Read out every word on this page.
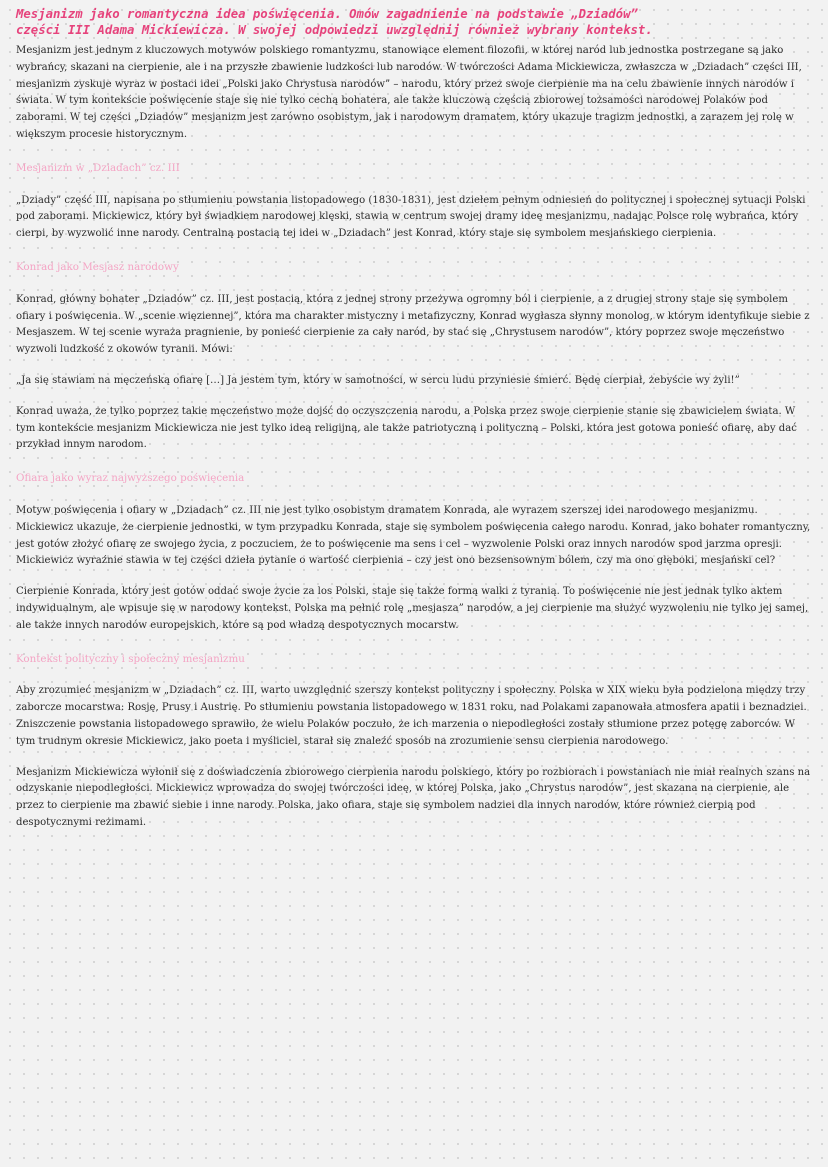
Mesjanizm jako romantyczna idea poświęcenia. Omów zagadnienie na podstawie „Dziadów”
części III Adama Mickiewicza. W swojej odpowiedzi uwzględnij również wybrany kontekst.

Mesjanizm jest jednym z kluczowych motywów polskiego romantyzmu, stanowiące element filozofii, w której naród lub jednostka postrzegane są jako wybrańcy, skazani na cierpienie, ale i na przyszłe zbawienie ludzkości lub narodów. W twórczości Adama Mickiewicza, zwłaszcza w „Dziadach” części III, mesjanizm zyskuje wyraz w postaci idei „Polski jako Chrystusa narodów” – narodu, który przez swoje cierpienie ma na celu zbawienie innych narodów i świata. W tym kontekście poświęcenie staje się nie tylko cechą bohatera, ale także kluczową częścią zbiorowej tożsamości narodowej Polaków pod zaborami. W tej części „Dziadów” mesjanizm jest zarówno osobistym, jak i narodowym dramatem, który ukazuje tragizm jednostki, a zarazem jej rolę w większym procesie historycznym.

Mesjanizm w „Dziadach” cz. III

„Dziady” część III, napisana po stłumieniu powstania listopadowego (1830-1831), jest dziełem pełnym odniesień do politycznej i społecznej sytuacji Polski pod zaborami. Mickiewicz, który był świadkiem narodowej klęski, stawia w centrum swojej dramy ideę mesjanizmu, nadając Polsce rolę wybrańca, który cierpi, by wyzwolić inne narody. Centralną postacią tej idei w „Dziadach” jest Konrad, który staje się symbolem mesjańskiego cierpienia.

Konrad jako Mesjasz narodowy

Konrad, główny bohater „Dziadów” cz. III, jest postacią, która z jednej strony przeżywa ogromny ból i cierpienie, a z drugiej strony staje się symbolem ofiary i poświęcenia. W „scenie więziennej”, która ma charakter mistyczny i metafizyczny, Konrad wygłasza słynny monolog, w którym identyfikuje siebie z Mesjaszem. W tej scenie wyraża pragnienie, by ponieść cierpienie za cały naród, by stać się „Chrystusem narodów”, który poprzez swoje męczeństwo wyzwoli ludzkość z okowów tyranii. Mówi:

„Ja się stawiam na męczeńską ofiarę […] Ja jestem tym, który w samotności, w sercu ludu przyniesie śmierć. Będę cierpiał, żebyście wy żyli!”

Konrad uważa, że tylko poprzez takie męczeństwo może dojść do oczyszczenia narodu, a Polska przez swoje cierpienie stanie się zbawicielem świata. W tym kontekście mesjanizm Mickiewicza nie jest tylko ideą religijną, ale także patriotyczną i polityczną – Polski, która jest gotowa ponieść ofiarę, aby dać przykład innym narodom.

Ofiara jako wyraz najwyższego poświęcenia

Motyw poświęcenia i ofiary w „Dziadach” cz. III nie jest tylko osobistym dramatem Konrada, ale wyrazem szerszej idei narodowego mesjanizmu. Mickiewicz ukazuje, że cierpienie jednostki, w tym przypadku Konrada, staje się symbolem poświęcenia całego narodu. Konrad, jako bohater romantyczny, jest gotów złożyć ofiarę ze swojego życia, z poczuciem, że to poświęcenie ma sens i cel – wyzwolenie Polski oraz innych narodów spod jarzma opresji. Mickiewicz wyraźnie stawia w tej części dzieła pytanie o wartość cierpienia – czy jest ono bezsensownym bólem, czy ma ono głęboki, mesjański cel?

Cierpienie Konrada, który jest gotów oddać swoje życie za los Polski, staje się także formą walki z tyranią. To poświęcenie nie jest jednak tylko aktem indywidualnym, ale wpisuje się w narodowy kontekst. Polska ma pełnić rolę „mesjasza” narodów, a jej cierpienie ma służyć wyzwoleniu nie tylko jej samej, ale także innych narodów europejskich, które są pod władzą despotycznych mocarstw.

Kontekst polityczny i społeczny mesjanizmu

Aby zrozumieć mesjanizm w „Dziadach” cz. III, warto uwzględnić szerszy kontekst polityczny i społeczny. Polska w XIX wieku była podzielona między trzy zaborcze mocarstwa: Rosję, Prusy i Austrię. Po stłumieniu powstania listopadowego w 1831 roku, nad Polakami zapanowała atmosfera apatii i beznadziei. Zniszczenie powstania listopadowego sprawiło, że wielu Polaków poczuło, że ich marzenia o niepodległości zostały stłumione przez potęgę zaborców. W tym trudnym okresie Mickiewicz, jako poeta i myśliciel, starał się znaleźć sposób na zrozumienie sensu cierpienia narodowego.

Mesjanizm Mickiewicza wyłonił się z doświadczenia zbiorowego cierpienia narodu polskiego, który po rozbiorach i powstaniach nie miał realnych szans na odzyskanie niepodległości. Mickiewicz wprowadza do swojej twórczości ideę, w której Polska, jako „Chrystus narodów”, jest skazana na cierpienie, ale przez to cierpienie ma zbawić siebie i inne narody. Polska, jako ofiara, staje się symbolem nadziei dla innych narodów, które również cierpią pod despotycznymi reżimami.
